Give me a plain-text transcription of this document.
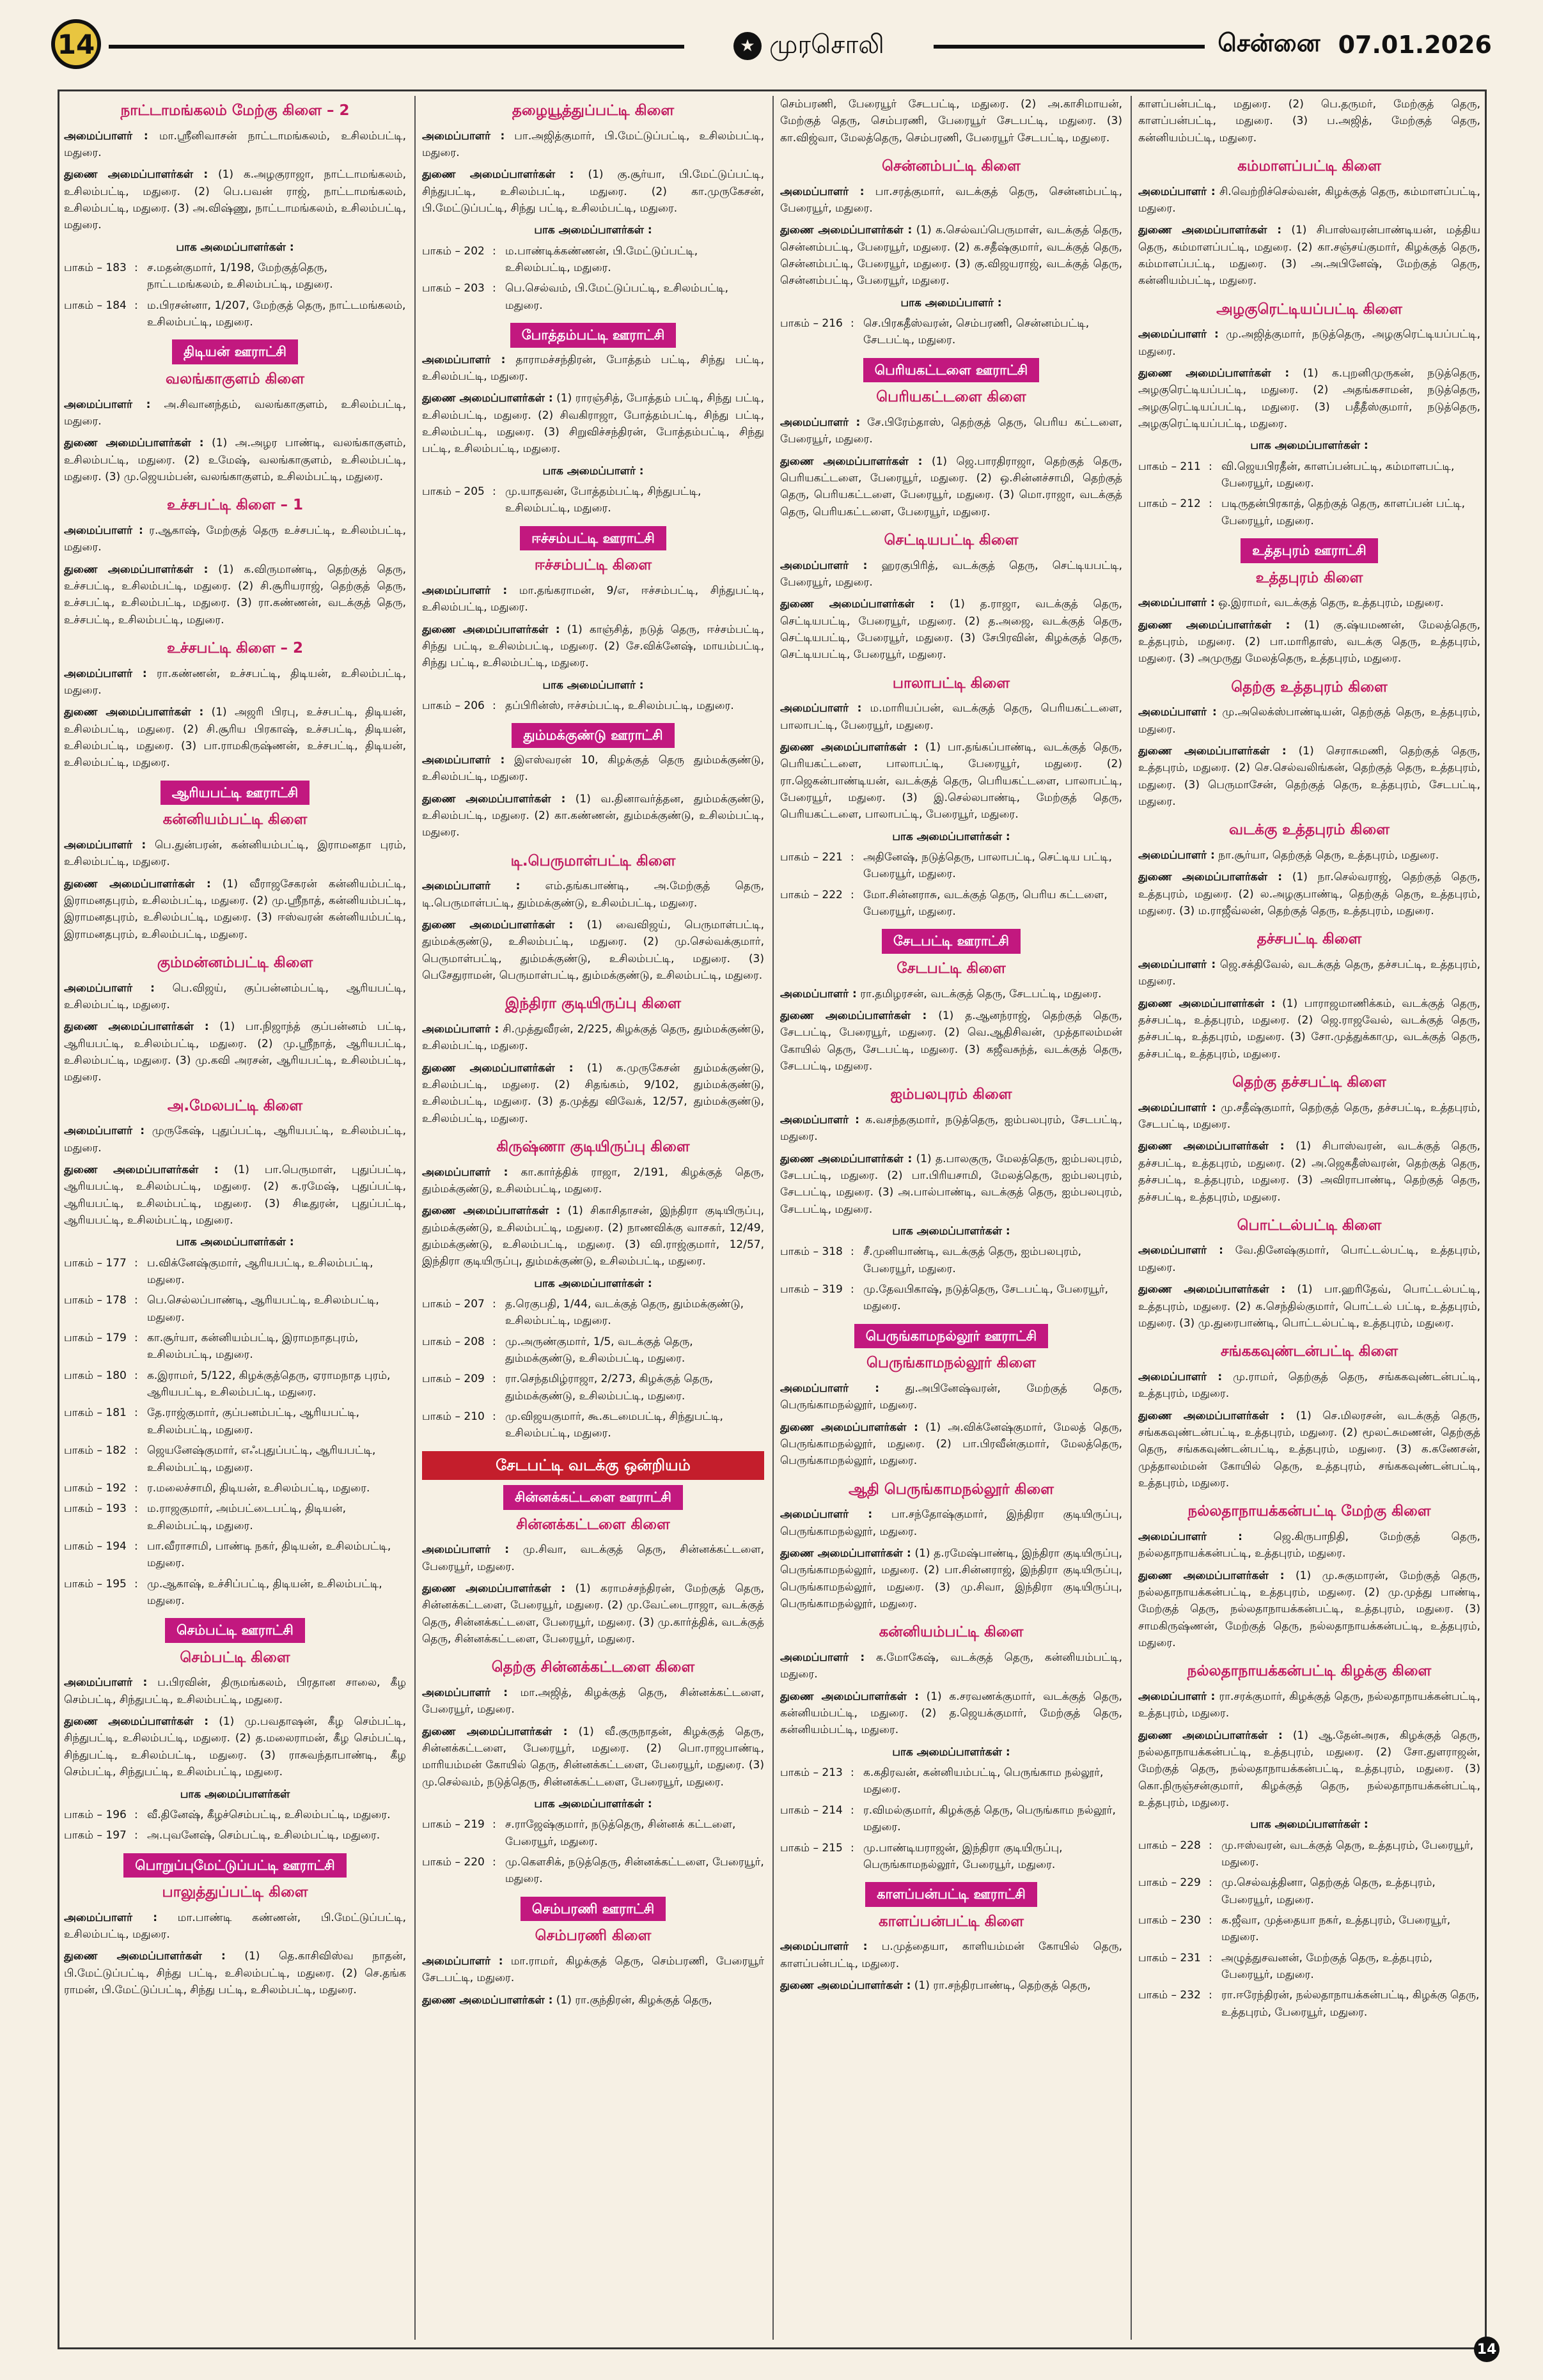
14	★ முரசொலி	சென்னை 07.01.2026
நாட்டாமங்கலம் மேற்கு கிளை – 2
அமைப்பாளர் : மா.ஸ்ரீனிவாசன் நாட்டாமங்கலம், உசிலம்பட்டி, மதுரை.
துணை அமைப்பாளர்கள் : (1) க.அழகுராஜா, நாட்டாமங்கலம், உசிலம்பட்டி, மதுரை. (2) பெ.பவன் ராஜ், நாட்டாமங்கலம், உசிலம்பட்டி, மதுரை. (3) அ.விஷ்ணு, நாட்டாமங்கலம், உசிலம்பட்டி, மதுரை.
பாக அமைப்பாளர்கள் :
பாகம் – 183 : ச.மதன்குமார், 1/198, மேற்குத்தெரு, நாட்டமங்கலம், உசிலம்பட்டி, மதுரை.
பாகம் – 184 : ம.பிரசன்னா, 1/207, மேற்குத் தெரு, நாட்டமங்கலம், உசிலம்பட்டி, மதுரை.
திடியன் ஊராட்சி
வலங்காகுளம் கிளை
அமைப்பாளர் : அ.சிவானந்தம், வலங்காகுளம், உசிலம்பட்டி, மதுரை.
துணை அமைப்பாளர்கள் : (1) அ.அழர பாண்டி, வலங்காகுளம், உசிலம்பட்டி, மதுரை. (2) உமேஷ், வலங்காகுளம், உசிலம்பட்டி, மதுரை. (3) மு.ஜெயம்பன், வலங்காகுளம், உசிலம்பட்டி, மதுரை.
உச்சபட்டி கிளை – 1
அமைப்பாளர் : ர.ஆகாஷ், மேற்குத் தெரு உச்சபட்டி, உசிலம்பட்டி, மதுரை.
துணை அமைப்பாளர்கள் : (1) க.விருமாண்டி, தெற்குத் தெரு, உச்சபட்டி, உசிலம்பட்டி, மதுரை. (2) சி.சூரியராஜ், தெற்குத் தெரு, உச்சபட்டி, உசிலம்பட்டி, மதுரை. (3) ரா.கண்ணன், வடக்குத் தெரு, உச்சபட்டி, உசிலம்பட்டி, மதுரை.
உச்சபட்டி கிளை – 2
அமைப்பாளர் : ரா.கண்ணன், உச்சபட்டி, திடியன், உசிலம்பட்டி, மதுரை.
துணை அமைப்பாளர்கள் : (1) அஜரி பிரபு, உச்சபட்டி, திடியன், உசிலம்பட்டி, மதுரை. (2) சி.சூரிய பிரகாஷ், உச்சபட்டி, திடியன், உசிலம்பட்டி, மதுரை. (3) பா.ராமகிருஷ்ணன், உச்சபட்டி, திடியன், உசிலம்பட்டி, மதுரை.
ஆரியபட்டி ஊராட்சி
கன்னியம்பட்டி கிளை
அமைப்பாளர் : பெ.துன்பரன், கன்னியம்பட்டி, இராமனதா புரம், உசிலம்பட்டி, மதுரை.
துணை அமைப்பாளர்கள் : (1) வீராஜசேகரன் கன்னியம்பட்டி, இராமனதபுரம், உசிலம்பட்டி, மதுரை. (2) மு.ஸ்ரீநாத், கன்னியம்பட்டி, இராமனதபுரம், உசிலம்பட்டி, மதுரை. (3) ஈஸ்வரன் கன்னியம்பட்டி, இராமனதபுரம், உசிலம்பட்டி, மதுரை.
கும்மன்னம்பட்டி கிளை
அமைப்பாளர் : பெ.விஜய், குப்பன்னம்பட்டி, ஆரியபட்டி, உசிலம்பட்டி, மதுரை.
துணை அமைப்பாளர்கள் : (1) பா.நிஜாந்த் குப்பன்னம் பட்டி, ஆரியபட்டி, உசிலம்பட்டி, மதுரை. (2) மு.ஸ்ரீநாத், ஆரியபட்டி, உசிலம்பட்டி, மதுரை. (3) மு.கவி அரசன், ஆரியபட்டி, உசிலம்பட்டி, மதுரை.
அ.மேலபட்டி கிளை
அமைப்பாளர் : முருகேஷ், புதுப்பட்டி, ஆரியபட்டி, உசிலம்பட்டி, மதுரை.
துணை அமைப்பாளர்கள் : (1) பா.பெருமாள், புதுப்பட்டி, ஆரியபட்டி, உசிலம்பட்டி, மதுரை. (2) க.ரமேஷ், புதுப்பட்டி, ஆரியபட்டி, உசிலம்பட்டி, மதுரை. (3) சிடீதுரன், புதுப்பட்டி, ஆரியபட்டி, உசிலம்பட்டி, மதுரை.
பாக அமைப்பாளர்கள் :
பாகம் – 177 : ப.விக்னேஷ்குமார், ஆரியபட்டி, உசிலம்பட்டி, மதுரை.
பாகம் – 178 : பெ.செல்லப்பாண்டி, ஆரியபட்டி, உசிலம்பட்டி, மதுரை.
பாகம் – 179 : கா.சூர்யா, கன்னியம்பட்டி, இராமநாதபுரம், உசிலம்பட்டி, மதுரை.
பாகம் – 180 : க.இராமர், 5/122, கிழக்குத்தெரு, ஏராமநாத புரம், ஆரியபட்டி, உசிலம்பட்டி, மதுரை.
பாகம் – 181 : தே.ராஜ்குமார், குப்பனம்பட்டி, ஆரியபட்டி, உசிலம்பட்டி, மதுரை.
பாகம் – 182 : ஜெயனேஷ்குமார், எஃபுதுப்பட்டி, ஆரியபட்டி, உசிலம்பட்டி, மதுரை.
பாகம் – 192 : ர.மலைச்சாமி, திடியன், உசிலம்பட்டி, மதுரை.
பாகம் – 193 : ம.ராஜகுமார், அம்பட்டைபட்டி, திடியன், உசிலம்பட்டி, மதுரை.
பாகம் – 194 : பா.வீராசாமி, பாண்டி நகர், திடியன், உசிலம்பட்டி, மதுரை.
பாகம் – 195 : மு.ஆகாஷ், உச்சிப்பட்டி, திடியன், உசிலம்பட்டி, மதுரை.
செம்பட்டி ஊராட்சி
செம்பட்டி கிளை
அமைப்பாளர் : ப.பிரவின், திருமங்கலம், பிரதான சாலை, கீழ செம்பட்டி, சிந்துபட்டி, உசிலம்பட்டி, மதுரை.
துணை அமைப்பாளர்கள் : (1) மு.பவதாஷன், கீழ செம்பட்டி, சிந்துபட்டி, உசிலம்பட்டி, மதுரை. (2) த.மலைராமன், கீழ செம்பட்டி, சிந்துபட்டி, உசிலம்பட்டி, மதுரை. (3) ராசுவந்தாபாண்டி, கீழ செம்பட்டி, சிந்துபட்டி, உசிலம்பட்டி, மதுரை.
பாக அமைப்பாளர்கள்
பாகம் – 196 : வீ.தினேஷ், கீழச்செம்பட்டி, உசிலம்பட்டி, மதுரை.
பாகம் – 197 : அ.புவனேஷ், செம்பட்டி, உசிலம்பட்டி, மதுரை.
பொறுப்புமேட்டுப்பட்டி ஊராட்சி
பாலுத்துப்பட்டி கிளை
அமைப்பாளர் : மா.பாண்டி கண்ணன், பி.மேட்டுப்பட்டி, உசிலம்பட்டி, மதுரை.
துணை அமைப்பாளர்கள் : (1) தெ.காசிவிஸ்வ நாதன், பி.மேட்டுப்பட்டி, சிந்து பட்டி, உசிலம்பட்டி, மதுரை. (2) செ.தங்க ராமன், பி.மேட்டுப்பட்டி, சிந்து பட்டி, உசிலம்பட்டி, மதுரை.
தழையூத்துப்பட்டி கிளை
அமைப்பாளர் : பா.அஜித்குமார், பி.மேட்டுப்பட்டி, உசிலம்பட்டி, மதுரை.
துணை அமைப்பாளர்கள் : (1) கு.சூர்யா, பி.மேட்டுப்பட்டி, சிந்துபட்டி, உசிலம்பட்டி, மதுரை. (2) கா.முருகேசன், பி.மேட்டுப்பட்டி, சிந்து பட்டி, உசிலம்பட்டி, மதுரை.
பாக அமைப்பாளர்கள் :
பாகம் – 202 : ம.பாண்டிக்கண்ணன், பி.மேட்டுப்பட்டி, உசிலம்பட்டி, மதுரை.
பாகம் – 203 : பெ.செல்வம், பி.மேட்டுப்பட்டி, உசிலம்பட்டி, மதுரை.
போத்தம்பட்டி ஊராட்சி
அமைப்பாளர் : தாராமச்சந்திரன், போத்தம் பட்டி, சிந்து பட்டி, உசிலம்பட்டி, மதுரை.
துணை அமைப்பாளர்கள் : (1) ராரஞ்சித், போத்தம் பட்டி, சிந்து பட்டி, உசிலம்பட்டி, மதுரை. (2) சிவகிராஜா, போத்தம்பட்டி, சிந்து பட்டி, உசிலம்பட்டி, மதுரை. (3) சிறுவிச்சந்திரன், போத்தம்பட்டி, சிந்து பட்டி, உசிலம்பட்டி, மதுரை.
பாக அமைப்பாளர் :
பாகம் – 205 : மு.யாதவன், போத்தம்பட்டி, சிந்துபட்டி, உசிலம்பட்டி, மதுரை.
ஈச்சம்பட்டி ஊராட்சி
ஈச்சம்பட்டி கிளை
அமைப்பாளர் : மா.தங்கராமன், 9/எ, ஈச்சம்பட்டி, சிந்துபட்டி, உசிலம்பட்டி, மதுரை.
துணை அமைப்பாளர்கள் : (1) காஞ்சித், நடுத் தெரு, ஈச்சம்பட்டி, சிந்து பட்டி, உசிலம்பட்டி, மதுரை. (2) சே.விக்னேஷ், மாயம்பட்டி, சிந்து பட்டி, உசிலம்பட்டி, மதுரை.
பாக அமைப்பாளர் :
பாகம் – 206 : தப்பிரின்ஸ், ஈச்சம்பட்டி, உசிலம்பட்டி, மதுரை.
தும்மக்குண்டு ஊராட்சி
அமைப்பாளர் : இஎஸ்வரன் 10, கிழக்குத் தெரு தும்மக்குண்டு, உசிலம்பட்டி, மதுரை.
துணை அமைப்பாளர்கள் : (1) வ.தினாவர்த்தன, தும்மக்குண்டு, உசிலம்பட்டி, மதுரை. (2) கா.கண்ணன், தும்மக்குண்டு, உசிலம்பட்டி, மதுரை.
டி.பெருமாள்பட்டி கிளை
அமைப்பாளர் : எம்.தங்கபாண்டி, அ.மேற்குத் தெரு, டி.பெருமாள்பட்டி, தும்மக்குண்டு, உசிலம்பட்டி, மதுரை.
துணை அமைப்பாளர்கள் : (1) வைவிஜய், பெருமாள்பட்டி, தும்மக்குண்டு, உசிலம்பட்டி, மதுரை. (2) மு.செல்வக்குமார், பெருமாள்பட்டி, தும்மக்குண்டு, உசிலம்பட்டி, மதுரை. (3) பெசேதுராமன், பெருமாள்பட்டி, தும்மக்குண்டு, உசிலம்பட்டி, மதுரை.
இந்திரா குடியிருப்பு கிளை
அமைப்பாளர் : சி.முத்துவீரன், 2/225, கிழக்குத் தெரு, தும்மக்குண்டு, உசிலம்பட்டி, மதுரை.
துணை அமைப்பாளர்கள் : (1) க.முருகேசன் தும்மக்குண்டு, உசிலம்பட்டி, மதுரை. (2) சிதங்கம், 9/102, தும்மக்குண்டு, உசிலம்பட்டி, மதுரை. (3) த.முத்து விவேக், 12/57, தும்மக்குண்டு, உசிலம்பட்டி, மதுரை.
கிருஷ்ணா குடியிருப்பு கிளை
அமைப்பாளர் : கா.கார்த்திக் ராஜா, 2/191, கிழக்குத் தெரு, தும்மக்குண்டு, உசிலம்பட்டி, மதுரை.
துணை அமைப்பாளர்கள் : (1) சிகாசிதாசன், இந்திரா குடியிருப்பு, தும்மக்குண்டு, உசிலம்பட்டி, மதுரை. (2) நாணவிக்கு வாசகர், 12/49, தும்மக்குண்டு, உசிலம்பட்டி, மதுரை. (3) வி.ராஜ்குமார், 12/57, இந்திரா குடியிருப்பு, தும்மக்குண்டு, உசிலம்பட்டி, மதுரை.
பாக அமைப்பாளர்கள் :
பாகம் – 207 : த.ரெகுபதி, 1/44, வடக்குத் தெரு, தும்மக்குண்டு, உசிலம்பட்டி, மதுரை.
பாகம் – 208 : மு.அருண்குமார், 1/5, வடக்குத் தெரு, தும்மக்குண்டு, உசிலம்பட்டி, மதுரை.
பாகம் – 209 : ரா.செந்தமிழ்ராஜா, 2/273, கிழக்குத் தெரு, தும்மக்குண்டு, உசிலம்பட்டி, மதுரை.
பாகம் – 210 : மு.விஜயகுமார், கூ.கடமைபட்டி, சிந்துபட்டி, உசிலம்பட்டி, மதுரை.
சேடபட்டி வடக்கு ஒன்றியம்
சின்னக்கட்டளை ஊராட்சி
சின்னக்கட்டளை கிளை
அமைப்பாளர் : மு.சிவா, வடக்குத் தெரு, சின்னக்கட்டளை, பேரையூர், மதுரை.
துணை அமைப்பாளர்கள் : (1) கராமச்சந்திரன், மேற்குத் தெரு, சின்னக்கட்டளை, பேரையூர், மதுரை. (2) மு.வேட்டைராஜா, வடக்குத் தெரு, சின்னக்கட்டளை, பேரையூர், மதுரை. (3) மு.கார்த்திக், வடக்குத் தெரு, சின்னக்கட்டளை, பேரையூர், மதுரை.
தெற்கு சின்னக்கட்டளை கிளை
அமைப்பாளர் : மா.அஜித், கிழக்குத் தெரு, சின்னக்கட்டளை, பேரையூர், மதுரை.
துணை அமைப்பாளர்கள் : (1) வீ.குருநாதன், கிழக்குத் தெரு, சின்னக்கட்டளை, பேரையூர், மதுரை. (2) பொ.ராஜபாண்டி, மாரியம்மன் கோயில் தெரு, சின்னக்கட்டளை, பேரையூர், மதுரை. (3) மு.செல்வம், நடுத்தெரு, சின்னக்கட்டளை, பேரையூர், மதுரை.
பாக அமைப்பாளர்கள் :
பாகம் – 219 : ச.ராஜேஷ்குமார், நடுத்தெரு, சின்னக் கட்டளை, பேரையூர், மதுரை.
பாகம் – 220 : மு.கௌசிக், நடுத்தெரு, சின்னக்கட்டளை, பேரையூர், மதுரை.
செம்பரணி ஊராட்சி
செம்பரணி கிளை
அமைப்பாளர் : மா.ராமர், கிழக்குத் தெரு, செம்பரணி, பேரையூர் சேடபட்டி, மதுரை.
துணை அமைப்பாளர்கள் : (1) ரா.குந்திரன், கிழக்குத் தெரு,
செம்பரணி, பேரையூர் சேடபட்டி, மதுரை. (2) அ.காசிமாயன், மேற்குத் தெரு, செம்பரணி, பேரையூர் சேடபட்டி, மதுரை. (3) கா.விஜ்வா, மேலத்தெரு, செம்பரணி, பேரையூர் சேடபட்டி, மதுரை.
சென்னம்பட்டி கிளை
அமைப்பாளர் : பா.சரத்குமார், வடக்குத் தெரு, சென்னம்பட்டி, பேரையூர், மதுரை.
துணை அமைப்பாளர்கள் : (1) க.செல்வப்பெருமாள், வடக்குத் தெரு, சென்னம்பட்டி, பேரையூர், மதுரை. (2) க.சதீஷ்குமார், வடக்குத் தெரு, சென்னம்பட்டி, பேரையூர், மதுரை. (3) கு.விஜயராஜ், வடக்குத் தெரு, சென்னம்பட்டி, பேரையூர், மதுரை.
பாக அமைப்பாளர் :
பாகம் – 216 : செ.பிரகதீஸ்வரன், செம்பரணி, சென்னம்பட்டி, சேடபட்டி, மதுரை.
பெரியகட்டளை ஊராட்சி
பெரியகட்டளை கிளை
அமைப்பாளர் : சே.பிரேம்தாஸ், தெற்குத் தெரு, பெரிய கட்டளை, பேரையூர், மதுரை.
துணை அமைப்பாளர்கள் : (1) ஜெ.பாரதிராஜா, தெற்குத் தெரு, பெரியகட்டளை, பேரையூர், மதுரை. (2) ஒ.சின்னச்சாமி, தெற்குத் தெரு, பெரியகட்டளை, பேரையூர், மதுரை. (3) மொ.ராஜா, வடக்குத் தெரு, பெரியகட்டளை, பேரையூர், மதுரை.
செட்டியபட்டி கிளை
அமைப்பாளர் : ஹரகுபிரித், வடக்குத் தெரு, செட்டியபட்டி, பேரையூர், மதுரை.
துணை அமைப்பாளர்கள் : (1) த.ராஜா, வடக்குத் தெரு, செட்டியபட்டி, பேரையூர், மதுரை. (2) த.அஜை, வடக்குத் தெரு, செட்டியபட்டி, பேரையூர், மதுரை. (3) சேபிரவின், கிழக்குத் தெரு, செட்டியபட்டி, பேரையூர், மதுரை.
பாலாபட்டி கிளை
அமைப்பாளர் : ம.மாரியப்பன், வடக்குத் தெரு, பெரியகட்டளை, பாலாபட்டி, பேரையூர், மதுரை.
துணை அமைப்பாளர்கள் : (1) பா.தங்கப்பாண்டி, வடக்குத் தெரு, பெரியகட்டளை, பாலாபட்டி, பேரையூர், மதுரை. (2) ரா.ஜெகன்பாண்டியன், வடக்குத் தெரு, பெரியகட்டளை, பாலாபட்டி, பேரையூர், மதுரை. (3) இ.செல்லபாண்டி, மேற்குத் தெரு, பெரியகட்டளை, பாலாபட்டி, பேரையூர், மதுரை.
பாக அமைப்பாளர்கள் :
பாகம் – 221 : அதினேஷ், நடுத்தெரு, பாலாபட்டி, செட்டிய பட்டி, பேரையூர், மதுரை.
பாகம் – 222 : மோ.சின்னராசு, வடக்குத் தெரு, பெரிய கட்டளை, பேரையூர், மதுரை.
சேடபட்டி ஊராட்சி
சேடபட்டி கிளை
அமைப்பாளர் : ரா.தமிழரசன், வடக்குத் தெரு, சேடபட்டி, மதுரை.
துணை அமைப்பாளர்கள் : (1) த.ஆனந்ராஜ், தெற்குத் தெரு, சேடபட்டி, பேரையூர், மதுரை. (2) வெ.ஆதிசிவன், முத்தாலம்மன் கோயில் தெரு, சேடபட்டி, மதுரை. (3) கஜீவசுந்த், வடக்குத் தெரு, சேடபட்டி, மதுரை.
ஐம்பலபுரம் கிளை
அமைப்பாளர் : க.வசந்தகுமார், நடுத்தெரு, ஐம்பலபுரம், சேடபட்டி, மதுரை.
துணை அமைப்பாளர்கள் : (1) த.பாலகுரு, மேலத்தெரு, ஐம்பலபுரம், சேடபட்டி, மதுரை. (2) பா.பிரியசாமி, மேலத்தெரு, ஐம்பலபுரம், சேடபட்டி, மதுரை. (3) அ.பால்பாண்டி, வடக்குத் தெரு, ஐம்பலபுரம், சேடபட்டி, மதுரை.
பாக அமைப்பாளர்கள் :
பாகம் – 318 : சீ.முனியாண்டி, வடக்குத் தெரு, ஐம்பலபுரம், பேரையூர், மதுரை.
பாகம் – 319 : மு.தேவபிகாஷ், நடுத்தெரு, சேடபட்டி, பேரையூர், மதுரை.
பெருங்காமநல்லூர் ஊராட்சி
பெருங்காமநல்லூர் கிளை
அமைப்பாளர் : து.அபினேஷ்வரன், மேற்குத் தெரு, பெருங்காமநல்லூர், மதுரை.
துணை அமைப்பாளர்கள் : (1) அ.விக்னேஷ்குமார், மேலத் தெரு, பெருங்காமநல்லூர், மதுரை. (2) பா.பிரவீன்குமார், மேலத்தெரு, பெருங்காமநல்லூர், மதுரை.
ஆதி பெருங்காமநல்லூர் கிளை
அமைப்பாளர் : பா.சந்தோஷ்குமார், இந்திரா குடியிருப்பு, பெருங்காமநல்லூர், மதுரை.
துணை அமைப்பாளர்கள் : (1) த.ரமேஷ்பாண்டி, இந்திரா குடியிருப்பு, பெருங்காமநல்லூர், மதுரை. (2) பா.சின்னராஜ், இந்திரா குடியிருப்பு, பெருங்காமநல்லூர், மதுரை. (3) மு.சிவா, இந்திரா குடியிருப்பு, பெருங்காமநல்லூர், மதுரை.
கன்னியம்பட்டி கிளை
அமைப்பாளர் : க.மோகேஷ், வடக்குத் தெரு, கன்னியம்பட்டி, மதுரை.
துணை அமைப்பாளர்கள் : (1) க.சரவணக்குமார், வடக்குத் தெரு, கன்னியம்பட்டி, மதுரை. (2) த.ஜெயக்குமார், மேற்குத் தெரு, கன்னியம்பட்டி, மதுரை.
பாக அமைப்பாளர்கள் :
பாகம் – 213 : க.கதிரவன், கன்னியம்பட்டி, பெருங்காம நல்லூர், மதுரை.
பாகம் – 214 : ர.விமல்குமார், கிழக்குத் தெரு, பெருங்காம நல்லூர், மதுரை.
பாகம் – 215 : மு.பாண்டியராஜன், இந்திரா குடியிருப்பு, பெருங்காமநல்லூர், பேரையூர், மதுரை.
காளப்பன்பட்டி ஊராட்சி
காளப்பன்பட்டி கிளை
அமைப்பாளர் : ப.முத்தையா, காளியம்மன் கோயில் தெரு, காளப்பன்பட்டி, மதுரை.
துணை அமைப்பாளர்கள் : (1) ரா.சந்திரபாண்டி, தெற்குத் தெரு,
காளப்பன்பட்டி, மதுரை. (2) பெ.தருமர், மேற்குத் தெரு, காளப்பன்பட்டி, மதுரை. (3) ப.அஜித், மேற்குத் தெரு, கன்னியம்பட்டி, மதுரை.
கம்மாளப்பட்டி கிளை
அமைப்பாளர் : சி.வெற்றிச்செல்வன், கிழக்குத் தெரு, கம்மாளப்பட்டி, மதுரை.
துணை அமைப்பாளர்கள் : (1) சிபாஸ்வரன்பாண்டியன், மத்திய தெரு, கம்மாளப்பட்டி, மதுரை. (2) கா.சஞ்சய்குமார், கிழக்குத் தெரு, கம்மாளப்பட்டி, மதுரை. (3) அ.அபினேஷ், மேற்குத் தெரு, கன்னியம்பட்டி, மதுரை.
அழகுரெட்டியப்பட்டி கிளை
அமைப்பாளர் : மு.அஜித்குமார், நடுத்தெரு, அழகுரெட்டியப்பட்டி, மதுரை.
துணை அமைப்பாளர்கள் : (1) க.புறனிமுருகன், நடுத்தெரு, அழகுரெட்டியப்பட்டி, மதுரை. (2) அதங்கசாமன், நடுத்தெரு, அழகுரெட்டியப்பட்டி, மதுரை. (3) பதீதீஸ்குமார், நடுத்தெரு, அழகுரெட்டியப்பட்டி, மதுரை.
பாக அமைப்பாளர்கள் :
பாகம் – 211 : வி.ஜெயபிரதீன், காளப்பன்பட்டி, கம்மாளபட்டி, பேரையூர், மதுரை.
பாகம் – 212 : படிருதன்பிரகாத், தெற்குத் தெரு, காளப்பன் பட்டி, பேரையூர், மதுரை.
உத்தபுரம் ஊராட்சி
உத்தபுரம் கிளை
அமைப்பாளர் : ஒ.இராமர், வடக்குத் தெரு, உத்தபுரம், மதுரை.
துணை அமைப்பாளர்கள் : (1) கு.ஷ்யமணன், மேலத்தெரு, உத்தபுரம், மதுரை. (2) பா.மாரிதாஸ், வடக்கு தெரு, உத்தபுரம், மதுரை. (3) அமுருது மேலத்தெரு, உத்தபுரம், மதுரை.
தெற்கு உத்தபுரம் கிளை
அமைப்பாளர் : மு.அலெக்ஸ்பாண்டியன், தெற்குத் தெரு, உத்தபுரம், மதுரை.
துணை அமைப்பாளர்கள் : (1) செராசுமணி, தெற்குத் தெரு, உத்தபுரம், மதுரை. (2) செ.செல்வலிங்கன், தெற்குத் தெரு, உத்தபுரம், மதுரை. (3) பெருமாசேன், தெற்குத் தெரு, உத்தபுரம், சேடபட்டி, மதுரை.
வடக்கு உத்தபுரம் கிளை
அமைப்பாளர் : நா.சூர்யா, தெற்குத் தெரு, உத்தபுரம், மதுரை.
துணை அமைப்பாளர்கள் : (1) நா.செல்வராஜ், தெற்குத் தெரு, உத்தபுரம், மதுரை. (2) ல.அழகுபாண்டி, தெற்குத் தெரு, உத்தபுரம், மதுரை. (3) ம.ராஜீவ்லன், தெற்குத் தெரு, உத்தபுரம், மதுரை.
தச்சபட்டி கிளை
அமைப்பாளர் : ஜெ.சக்திவேல், வடக்குத் தெரு, தச்சபட்டி, உத்தபுரம், மதுரை.
துணை அமைப்பாளர்கள் : (1) பாராஜமாணிக்கம், வடக்குத் தெரு, தச்சபட்டி, உத்தபுரம், மதுரை. (2) ஜெ.ராஜவேல், வடக்குத் தெரு, தச்சபட்டி, உத்தபுரம், மதுரை. (3) சோ.முத்துக்காமு, வடக்குத் தெரு, தச்சபட்டி, உத்தபுரம், மதுரை.
தெற்கு தச்சபட்டி கிளை
அமைப்பாளர் : மு.சதீஷ்குமார், தெற்குத் தெரு, தச்சபட்டி, உத்தபுரம், சேடபட்டி, மதுரை.
துணை அமைப்பாளர்கள் : (1) சிபாஸ்வரன், வடக்குத் தெரு, தச்சபட்டி, உத்தபுரம், மதுரை. (2) அ.ஜெகதீஸ்வரன், தெற்குத் தெரு, தச்சபட்டி, உத்தபுரம், மதுரை. (3) அவிராபாண்டி, தெற்குத் தெரு, தச்சபட்டி, உத்தபுரம், மதுரை.
பொட்டல்பட்டி கிளை
அமைப்பாளர் : வே.தினேஷ்குமார், பொட்டல்பட்டி, உத்தபுரம், மதுரை.
துணை அமைப்பாளர்கள் : (1) பா.ஹரிதேவ், பொட்டல்பட்டி, உத்தபுரம், மதுரை. (2) க.செந்தில்குமார், பொட்டல் பட்டி, உத்தபுரம், மதுரை. (3) மு.துரைபாண்டி, பொட்டல்பட்டி, உத்தபுரம், மதுரை.
சங்ககவுண்டன்பட்டி கிளை
அமைப்பாளர் : மு.ராமர், தெற்குத் தெரு, சங்ககவுண்டன்பட்டி, உத்தபுரம், மதுரை.
துணை அமைப்பாளர்கள் : (1) செ.மிலரசன், வடக்குத் தெரு, சங்ககவுண்டன்பட்டி, உத்தபுரம், மதுரை. (2) மூலட்சுமணன், தெற்குத் தெரு, சங்ககவுண்டன்பட்டி, உத்தபுரம், மதுரை. (3) க.கணேசன், முத்தாலம்மன் கோயில் தெரு, உத்தபுரம், சங்ககவுண்டன்பட்டி, உத்தபுரம், மதுரை.
நல்லதாநாயக்கன்பட்டி மேற்கு கிளை
அமைப்பாளர் :	ஜெ.கிருபாநிதி, மேற்குத் தெரு, நல்லதாநாயக்கன்பட்டி, உத்தபுரம், மதுரை.
துணை அமைப்பாளர்கள் : (1) மு.சுகுமாரன், மேற்குத் தெரு, நல்லதாநாயக்கன்பட்டி, உத்தபுரம், மதுரை. (2) மு.முத்து பாண்டி, மேற்குத் தெரு, நல்லதாநாயக்கன்பட்டி, உத்தபுரம், மதுரை. (3) சாமகிருஷ்ணன், மேற்குத் தெரு, நல்லதாநாயக்கன்பட்டி, உத்தபுரம், மதுரை.
நல்லதாநாயக்கன்பட்டி கிழக்கு கிளை
அமைப்பாளர் : ரா.சரக்குமார், கிழக்குத் தெரு, நல்லதாநாயக்கன்பட்டி, உத்தபுரம், மதுரை.
துணை அமைப்பாளர்கள் : (1) ஆ.தேன்அரசு, கிழக்குத் தெரு, நல்லதாநாயக்கன்பட்டி, உத்தபுரம், மதுரை. (2) சோ.துளராஜன், மேற்குத் தெரு, நல்லதாநாயக்கன்பட்டி, உத்தபுரம், மதுரை. (3) கொ.நிருஞ்சன்குமார், கிழக்குத் தெரு, நல்லதாநாயக்கன்பட்டி, உத்தபுரம், மதுரை.
பாக அமைப்பாளர்கள் :
பாகம் – 228 : மு.ஈஸ்வரன், வடக்குத் தெரு, உத்தபுரம், பேரையூர், மதுரை.
பாகம் – 229 : மு.செல்வத்தினா, தெற்குத் தெரு, உத்தபுரம், பேரையூர், மதுரை.
பாகம் – 230 : க.ஜீவா, முத்தையா நகர், உத்தபுரம், பேரையூர், மதுரை.
பாகம் – 231 : அழுத்துசவனன், மேற்குத் தெரு, உத்தபுரம், பேரையூர், மதுரை.
பாகம் – 232 : ரா.ஈரேந்திரன், நல்லதாநாயக்கன்பட்டி, கிழக்கு தெரு, உத்தபுரம், பேரையூர், மதுரை.
14
